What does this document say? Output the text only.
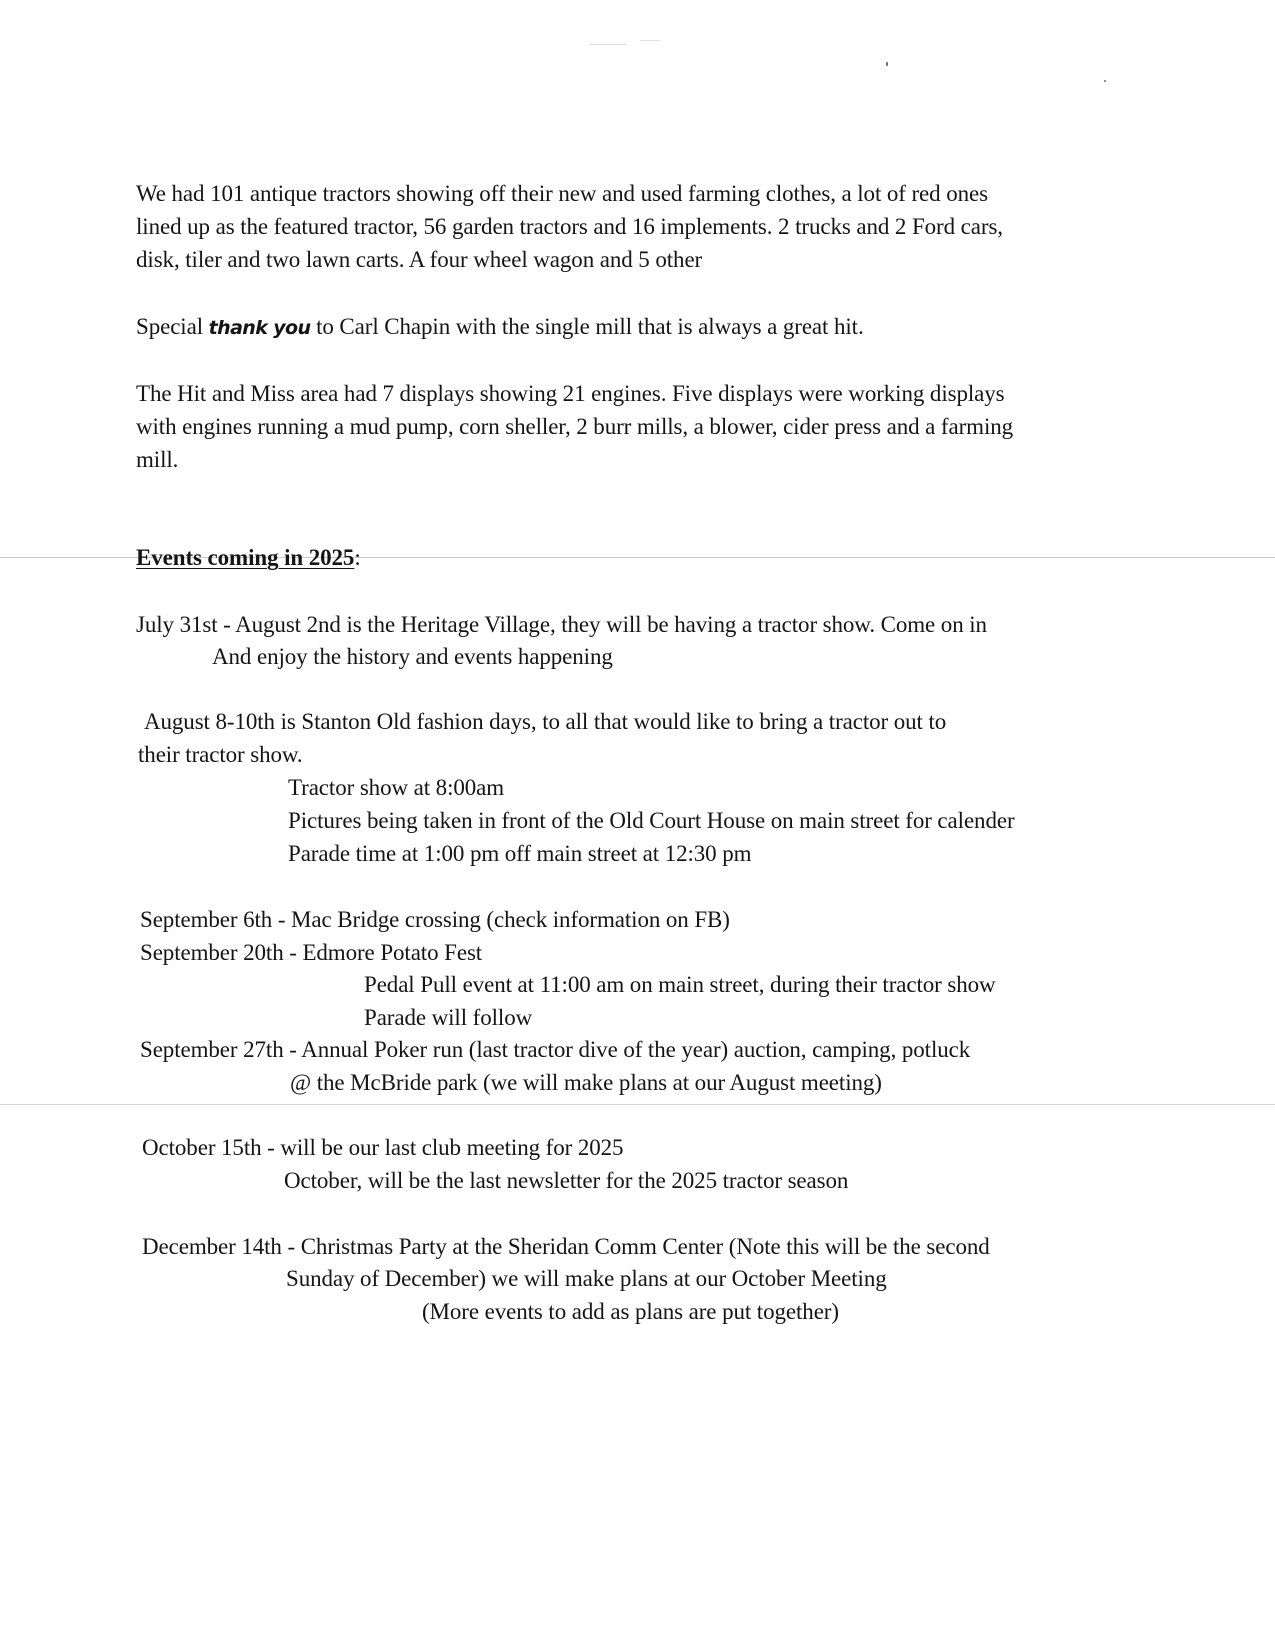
We had 101 antique tractors showing off their new and used farming clothes, a lot of red ones
lined up as the featured tractor, 56 garden tractors and 16 implements. 2 trucks and 2 Ford cars,
disk, tiler and two lawn carts. A four wheel wagon and 5 other
Special thank you to Carl Chapin with the single mill that is always a great hit.
The Hit and Miss area had 7 displays showing 21 engines. Five displays were working displays
with engines running a mud pump, corn sheller, 2 burr mills, a blower, cider press and a farming
mill.
Events coming in 2025:
July 31st - August 2nd is the Heritage Village, they will be having a tractor show. Come on in
And enjoy the history and events happening
August 8-10th is Stanton Old fashion days, to all that would like to bring a tractor out to
their tractor show.
Tractor show at 8:00am
Pictures being taken in front of the Old Court House on main street for calender
Parade time at 1:00 pm off main street at 12:30 pm
September 6th - Mac Bridge crossing (check information on FB)
September 20th - Edmore Potato Fest
Pedal Pull event at 11:00 am on main street, during their tractor show
Parade will follow
September 27th - Annual Poker run (last tractor dive of the year) auction, camping, potluck
@ the McBride park (we will make plans at our August meeting)
October 15th - will be our last club meeting for 2025
October, will be the last newsletter for the 2025 tractor season
December 14th - Christmas Party at the Sheridan Comm Center (Note this will be the second
Sunday of December) we will make plans at our October Meeting
(More events to add as plans are put together)
